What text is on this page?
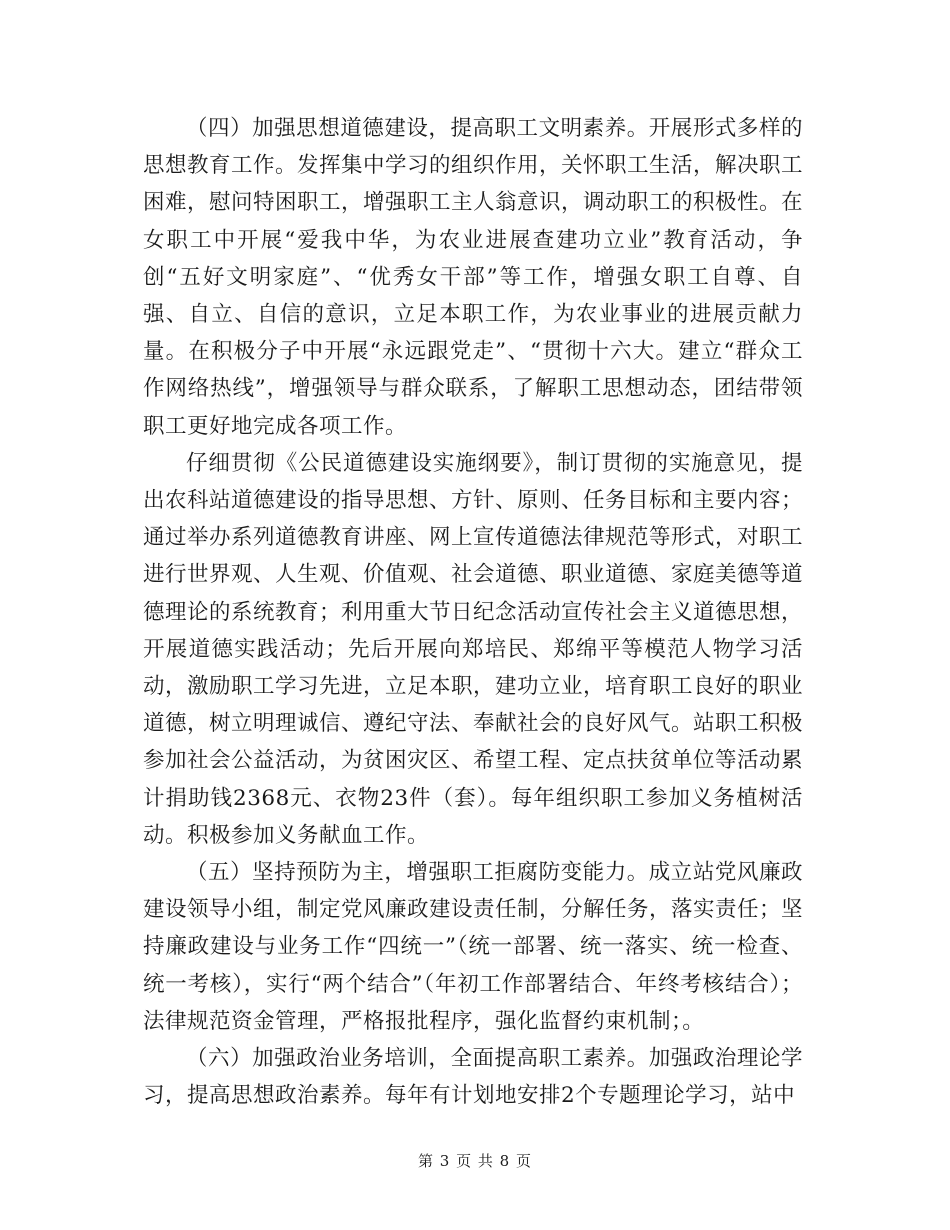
（四）加强思想道德建设，提高职工文明素养。开展形式多样的思想教育工作。发挥集中学习的组织作用，关怀职工生活，解决职工困难，慰问特困职工，增强职工主人翁意识，调动职工的积极性。在女职工中开展“爱我中华，为农业进展查建功立业”教育活动，争创“五好文明家庭”、“优秀女干部”等工作，增强女职工自尊、自强、自立、自信的意识，立足本职工作，为农业事业的进展贡献力量。在积极分子中开展“永远跟党走”、“贯彻十六大。建立“群众工作网络热线”，增强领导与群众联系，了解职工思想动态，团结带领职工更好地完成各项工作。

仔细贯彻《公民道德建设实施纲要》，制订贯彻的实施意见，提出农科站道德建设的指导思想、方针、原则、任务目标和主要内容；通过举办系列道德教育讲座、网上宣传道德法律规范等形式，对职工进行世界观、人生观、价值观、社会道德、职业道德、家庭美德等道德理论的系统教育；利用重大节日纪念活动宣传社会主义道德思想，开展道德实践活动；先后开展向郑培民、郑绵平等模范人物学习活动，激励职工学习先进，立足本职，建功立业，培育职工良好的职业道德，树立明理诚信、遵纪守法、奉献社会的良好风气。站职工积极参加社会公益活动，为贫困灾区、希望工程、定点扶贫单位等活动累计捐助钱2368元、衣物23件（套）。每年组织职工参加义务植树活动。积极参加义务献血工作。

（五）坚持预防为主，增强职工拒腐防变能力。成立站党风廉政建设领导小组，制定党风廉政建设责任制，分解任务，落实责任；坚持廉政建设与业务工作“四统一”（统一部署、统一落实、统一检查、统一考核），实行“两个结合”（年初工作部署结合、年终考核结合）；法律规范资金管理，严格报批程序，强化监督约束机制；。

（六）加强政治业务培训，全面提高职工素养。加强政治理论学习，提高思想政治素养。每年有计划地安排2个专题理论学习，站中

第 3 页 共 8 页
